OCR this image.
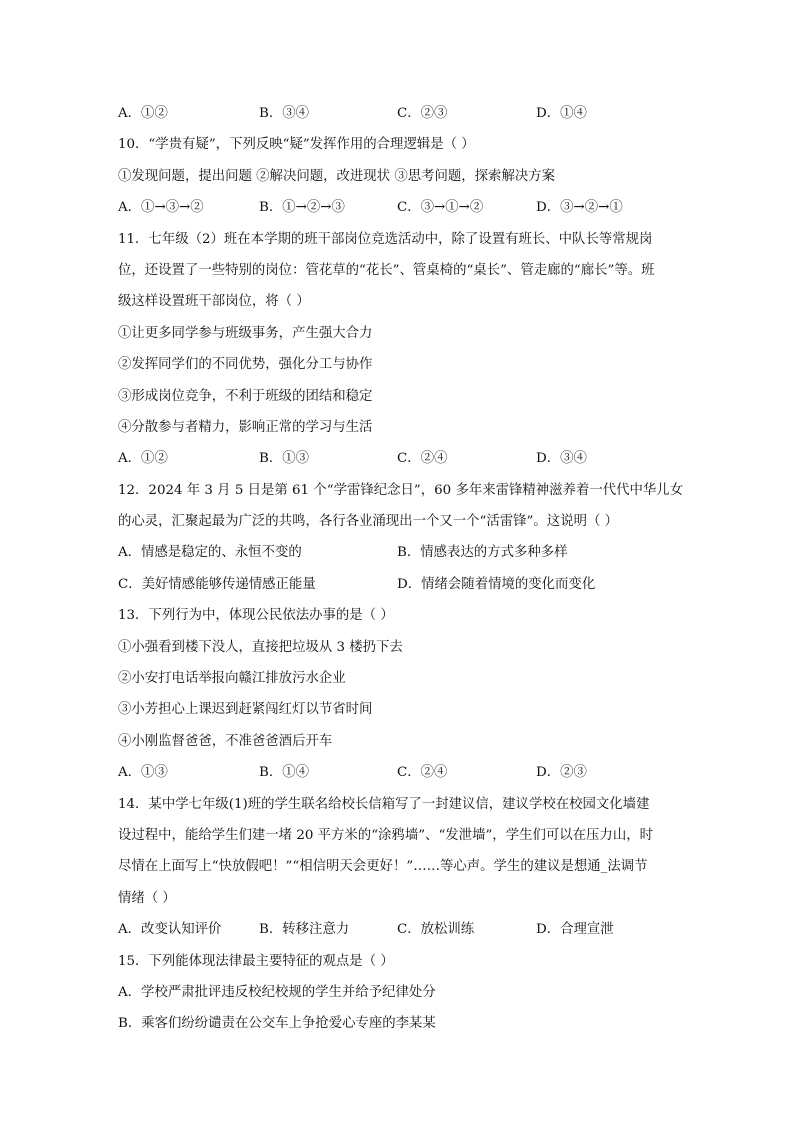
A．①②	B．③④	C．②③	D．①④
10．“学贵有疑”，下列反映“疑”发挥作用的合理逻辑是（ ）
①发现问题，提出问题 ②解决问题，改进现状 ③思考问题，探索解决方案
A．①→③→②	B．①→②→③	C．③→①→②	D．③→②→①
11．七年级（2）班在本学期的班干部岗位竞选活动中，除了设置有班长、中队长等常规岗
位，还设置了一些特别的岗位：管花草的“花长”、管桌椅的“桌长”、管走廊的“廊长”等。班
级这样设置班干部岗位，将（ ）
①让更多同学参与班级事务，产生强大合力
②发挥同学们的不同优势，强化分工与协作
③形成岗位竞争，不利于班级的团结和稳定
④分散参与者精力，影响正常的学习与生活
A．①②	B．①③	C．②④	D．③④
12．2024 年 3 月 5 日是第 61 个“学雷锋纪念日”，60 多年来雷锋精神滋养着一代代中华儿女
的心灵，汇聚起最为广泛的共鸣，各行各业涌现出一个又一个“活雷锋”。这说明（ ）
A．情感是稳定的、永恒不变的	B．情感表达的方式多种多样
C．美好情感能够传递情感正能量	D．情绪会随着情境的变化而变化
13．下列行为中，体现公民依法办事的是（ ）
①小强看到楼下没人，直接把垃圾从 3 楼扔下去
②小安打电话举报向赣江排放污水企业
③小芳担心上课迟到赶紧闯红灯以节省时间
④小刚监督爸爸，不准爸爸酒后开车
A．①③	B．①④	C．②④	D．②③
14．某中学七年级(1)班的学生联名给校长信箱写了一封建议信，建议学校在校园文化墙建
设过程中，能给学生们建一堵 20 平方米的“涂鸦墙”、“发泄墙”，学生们可以在压力山，时
尽情在上面写上“快放假吧！”“相信明天会更好！”……等心声。学生的建议是想通_法调节
情绪（ ）
A．改变认知评价	B．转移注意力	C．放松训练	D．合理宣泄
15．下列能体现法律最主要特征的观点是（ ）
A．学校严肃批评违反校纪校规的学生并给予纪律处分
B．乘客们纷纷谴责在公交车上争抢爱心专座的李某某
